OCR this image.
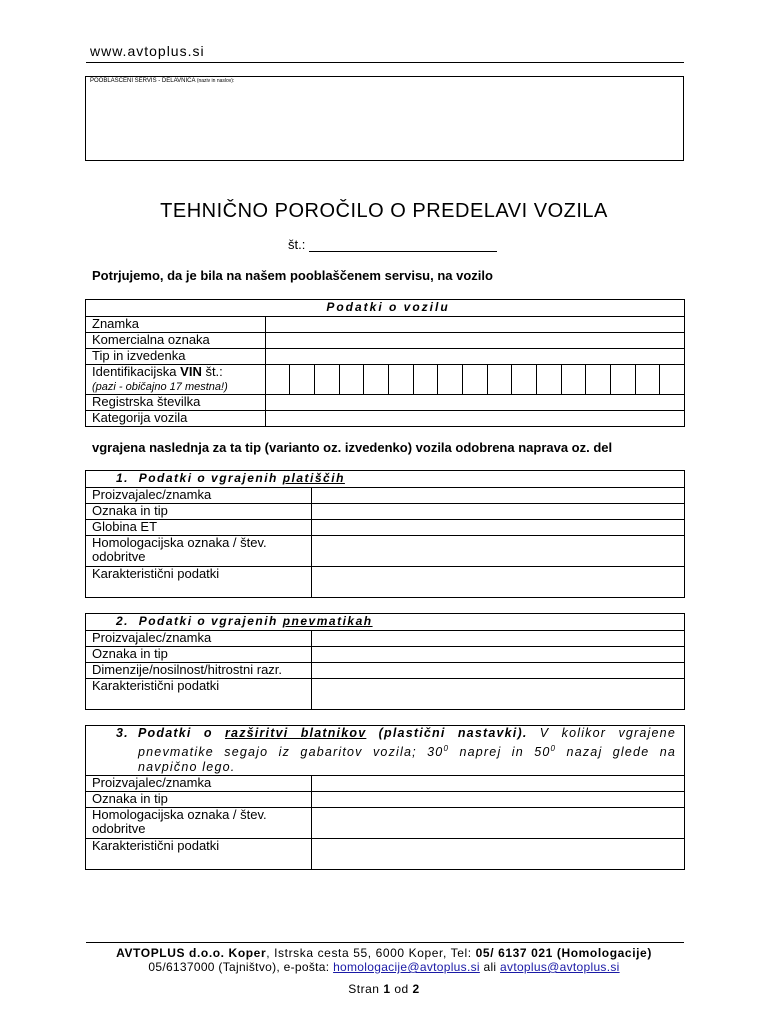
www.avtoplus.si
POOBLAŠČENI SERVIS - DELAVNICA (naziv in naslov):
TEHNIČNO POROČILO O PREDELAVI VOZILA
št.:
Potrjujemo, da je bila na našem pooblaščenem servisu, na vozilo
Podatki o vozilu	
Znamka	
Komercialna oznaka	
Tip in izvedenka	
Identifikacijska VIN št.:
(pazi - običajno 17 mestna!)	

Registrska številka	
Kategorija vozila	
vgrajena naslednja za ta tip (varianto oz. izvedenko) vozila odobrena naprava oz. del
1. Podatki o vgrajenih platiščih	
Proizvajalec/znamka	
Oznaka in tip	
Globina ET	
Homologacijska oznaka / štev. odobritve	
Karakteristični podatki	
2. Podatki o vgrajenih pnevmatikah	
Proizvajalec/znamka	
Oznaka in tip	
Dimenzije/nosilnost/hitrostni razr.	
Karakteristični podatki	
3. Podatki o razširitvi blatnikov (plastični nastavki). V kolikor vgrajene pnevmatike segajo iz gabaritov vozila; $30^0$ naprej in $50^0$ nazaj glede na navpično lego.	
Proizvajalec/znamka	
Oznaka in tip	
Homologacijska oznaka / štev. odobritve	
Karakteristični podatki	
AVTOPLUS d.o.o. Koper, Istrska cesta 55, 6000 Koper, Tel: 05/ 6137 021 (Homologacije)
05/6137000 (Tajništvo), e-pošta: homologacije@avtoplus.si ali avtoplus@avtoplus.si
Stran 1 od 2
